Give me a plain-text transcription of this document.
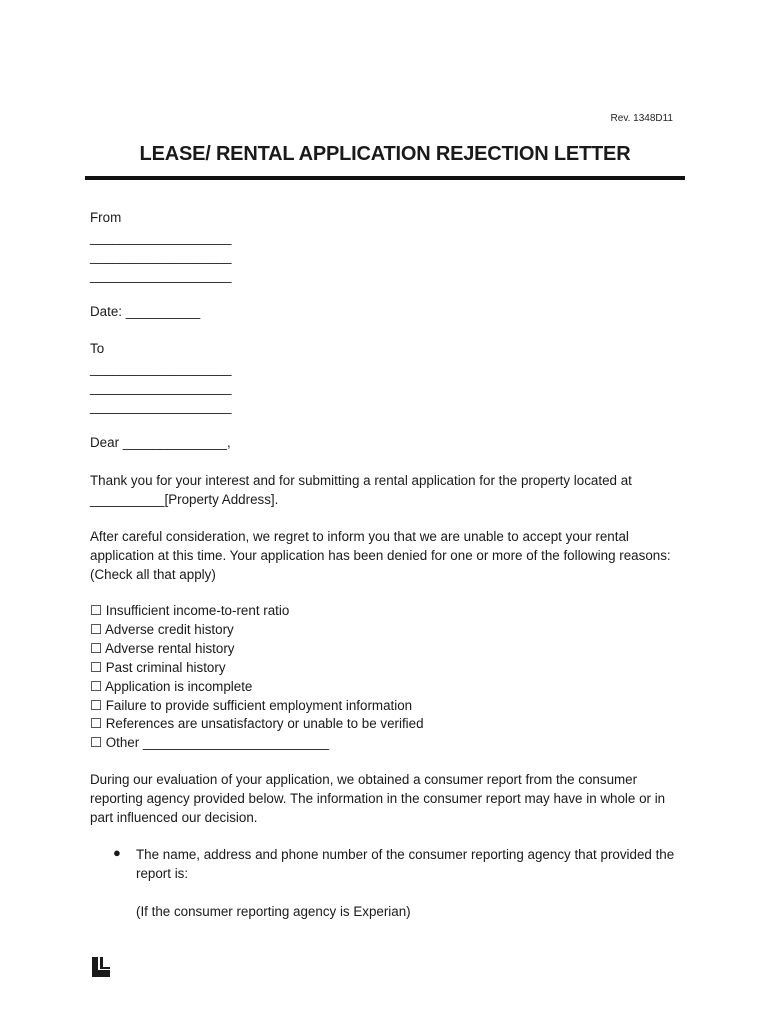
Rev. 1348D11
LEASE/ RENTAL APPLICATION REJECTION LETTER
From
___________________
___________________
___________________
Date: __________
To
___________________
___________________
___________________
Dear ______________,
Thank you for your interest and for submitting a rental application for the property located at __________[Property Address].
After careful consideration, we regret to inform you that we are unable to accept your rental application at this time. Your application has been denied for one or more of the following reasons: (Check all that apply)
☐ Insufficient income-to-rent ratio
☐ Adverse credit history
☐ Adverse rental history
☐ Past criminal history
☐ Application is incomplete
☐ Failure to provide sufficient employment information
☐ References are unsatisfactory or unable to be verified
☐ Other _________________________
During our evaluation of your application, we obtained a consumer report from the consumer reporting agency provided below. The information in the consumer report may have in whole or in part influenced our decision.
● The name, address and phone number of the consumer reporting agency that provided the report is:
(If the consumer reporting agency is Experian)
